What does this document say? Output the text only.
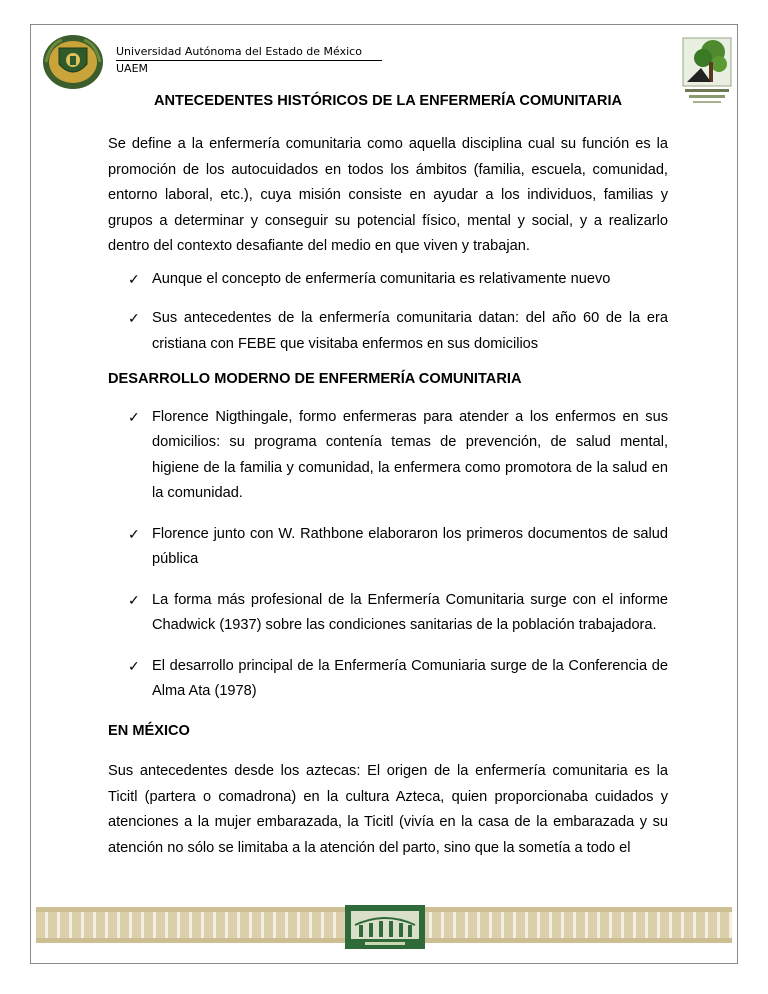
Universidad Autónoma del Estado de México
UAEM
ANTECEDENTES HISTÓRICOS DE LA ENFERMERÍA COMUNITARIA

Se define a la enfermería comunitaria como aquella disciplina cual su función es la promoción de los autocuidados en todos los ámbitos (familia, escuela, comunidad, entorno laboral, etc.), cuya misión consiste en ayudar a los individuos, familias y grupos a determinar y conseguir su potencial físico, mental y social, y a realizarlo dentro del contexto desafiante del medio en que viven y trabajan.

✓ Aunque el concepto de enfermería comunitaria es relativamente nuevo
✓ Sus antecedentes de la enfermería comunitaria datan: del año 60 de la era cristiana con FEBE que visitaba enfermos en sus domicilios
DESARROLLO MODERNO DE ENFERMERÍA COMUNITARIA
✓ Florence Nigthingale, formo enfermeras para atender a los enfermos en sus domicilios: su programa contenía temas de prevención, de salud mental, higiene de la familia y comunidad, la enfermera como promotora de la salud en la comunidad.
✓ Florence junto con W. Rathbone elaboraron los primeros documentos de salud pública
✓ La forma más profesional de la Enfermería Comunitaria surge con el informe Chadwick (1937) sobre las condiciones sanitarias de la población trabajadora.
✓ El desarrollo principal de la Enfermería Comuniaria surge de la Conferencia de Alma Ata (1978)
EN MÉXICO

Sus antecedentes desde los aztecas: El origen de la enfermería comunitaria es la Ticitl (partera o comadrona) en la cultura Azteca, quien proporcionaba cuidados y atenciones a la mujer embarazada, la Ticitl (vivía en la casa de la embarazada y su atención no sólo se limitaba a la atención del parto, sino que la sometía a todo el
